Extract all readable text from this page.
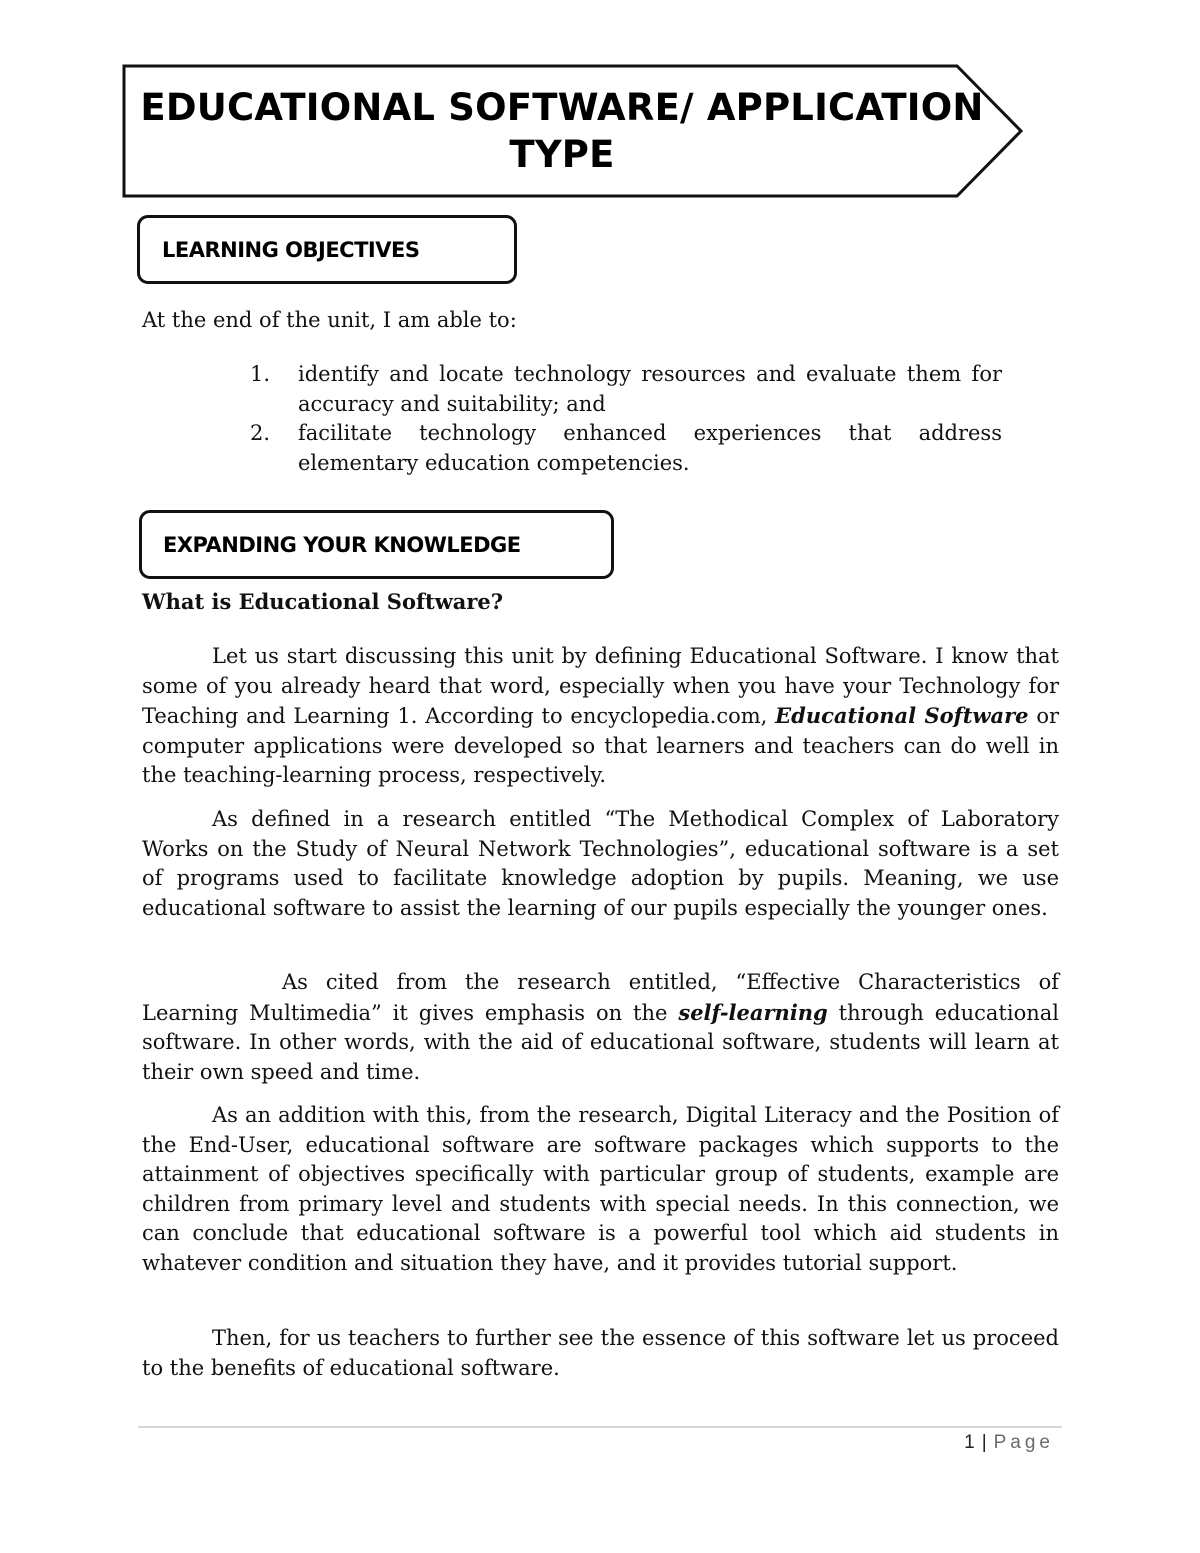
EDUCATIONAL SOFTWARE/ APPLICATION
TYPE
LEARNING OBJECTIVES
At the end of the unit, I am able to:
1.	identify and locate technology resources and evaluate them for accuracy and suitability; and
2.	facilitate technology enhanced experiences that address elementary education competencies.
EXPANDING YOUR KNOWLEDGE
What is Educational Software?

Let us start discussing this unit by defining Educational Software. I know that some of you already heard that word, especially when you have your Technology for Teaching and Learning 1. According to encyclopedia.com, Educational Software or computer applications were developed so that learners and teachers can do well in the teaching-learning process, respectively.

As defined in a research entitled “The Methodical Complex of Laboratory Works on the Study of Neural Network Technologies”, educational software is a set of programs used to facilitate knowledge adoption by pupils. Meaning, we use educational software to assist the learning of our pupils especially the younger ones.

As cited from the research entitled, “Effective Characteristics of Learning Multimedia” it gives emphasis on the self-learning through educational software. In other words, with the aid of educational software, students will learn at their own speed and time.

As an addition with this, from the research, Digital Literacy and the Position of the End-User, educational software are software packages which supports to the attainment of objectives specifically with particular group of students, example are children from primary level and students with special needs. In this connection, we can conclude that educational software is a powerful tool which aid students in whatever condition and situation they have, and it provides tutorial support.

Then, for us teachers to further see the essence of this software let us proceed to the benefits of educational software.

1 | Page
